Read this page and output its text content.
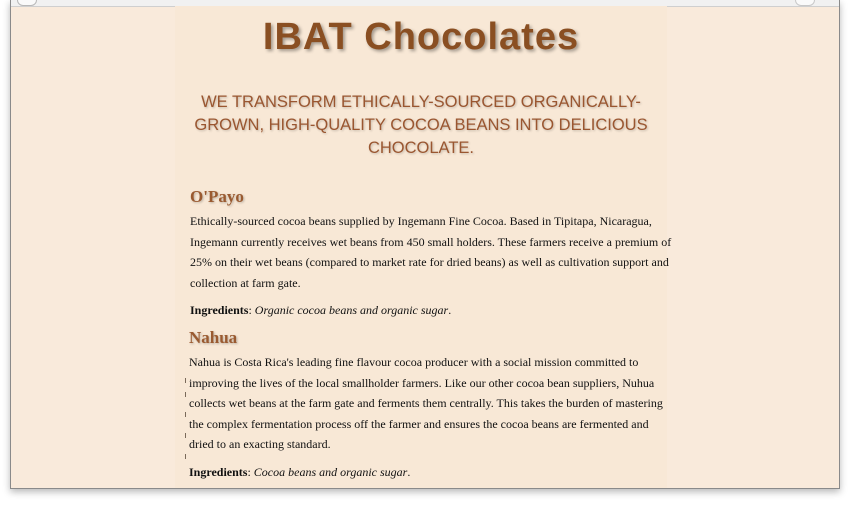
IBAT Chocolates

WE TRANSFORM ETHICALLY-SOURCED ORGANICALLY-GROWN, HIGH-QUALITY COCOA BEANS INTO DELICIOUS CHOCOLATE.

O'Payo

Ethically-sourced cocoa beans supplied by Ingemann Fine Cocoa. Based in Tipitapa, Nicaragua, Ingemann currently receives wet beans from 450 small holders. These farmers receive a premium of 25% on their wet beans (compared to market rate for dried beans) as well as cultivation support and collection at farm gate.

Ingredients: Organic cocoa beans and organic sugar.

Nahua

Nahua is Costa Rica's leading fine flavour cocoa producer with a social mission committed to improving the lives of the local smallholder farmers. Like our other cocoa bean suppliers, Nuhua collects wet beans at the farm gate and ferments them centrally. This takes the burden of mastering the complex fermentation process off the farmer and ensures the cocoa beans are fermented and dried to an exacting standard.

Ingredients: Cocoa beans and organic sugar.
